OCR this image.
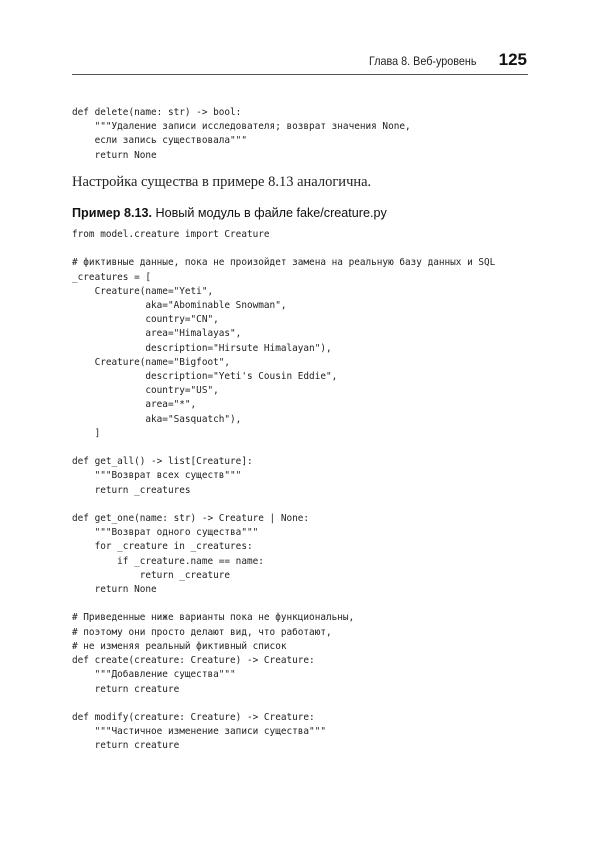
Глава 8. Веб-уровень 125
def delete(name: str) -> bool:
"""Удаление записи исследователя; возврат значения None,
если запись существовала"""
return None

Настройка существа в примере 8.13 аналогична.

Пример 8.13. Новый модуль в файле fake/creature.py

from model.creature import Creature

# фиктивные данные, пока не произойдет замена на реальную базу данных и SQL
_creatures = [
Creature(name="Yeti",
aka="Abominable Snowman",
country="CN",
area="Himalayas",
description="Hirsute Himalayan"),
Creature(name="Bigfoot",
description="Yeti's Cousin Eddie",
country="US",
area="*",
aka="Sasquatch"),
]

def get_all() -> list[Creature]:
"""Возврат всех существ"""
return _creatures

def get_one(name: str) -> Creature | None:
"""Возврат одного существа"""
for _creature in _creatures:
if _creature.name == name:
return _creature
return None

# Приведенные ниже варианты пока не функциональны,
# поэтому они просто делают вид, что работают,
# не изменяя реальный фиктивный список
def create(creature: Creature) -> Creature:
"""Добавление существа"""
return creature

def modify(creature: Creature) -> Creature:
"""Частичное изменение записи существа"""
return creature
